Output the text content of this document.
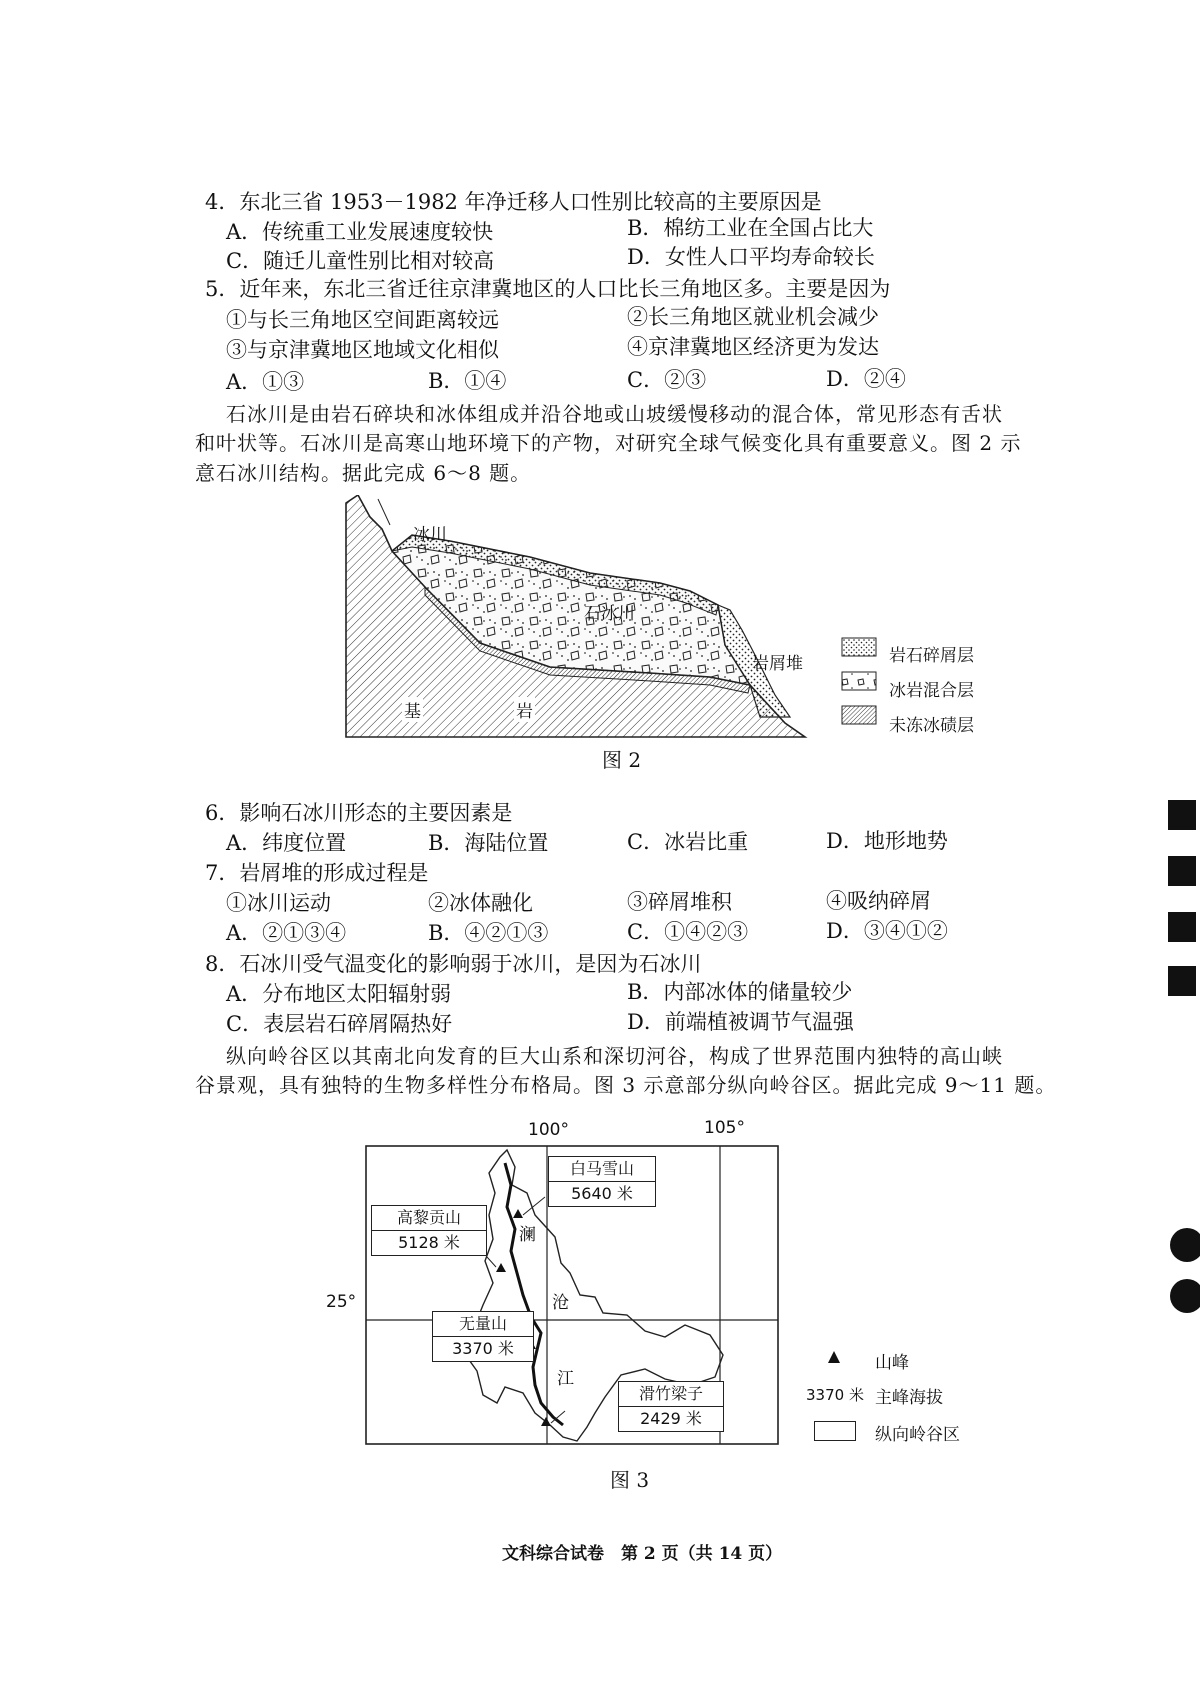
4．东北三省 1953－1982 年净迁移人口性别比较高的主要原因是
A．传统重工业发展速度较快	B．棉纺工业在全国占比大
C．随迁儿童性别比相对较高	D．女性人口平均寿命较长
5．近年来，东北三省迁往京津冀地区的人口比长三角地区多。主要是因为
①与长三角地区空间距离较远	②长三角地区就业机会减少
③与京津冀地区地域文化相似	④京津冀地区经济更为发达
A．①③	B．①④	C．②③	D．②④
石冰川是由岩石碎块和冰体组成并沿谷地或山坡缓慢移动的混合体，常见形态有舌状
和叶状等。石冰川是高寒山地环境下的产物，对研究全球气候变化具有重要意义。图 2 示
意石冰川结构。据此完成 6～8 题。
冰川
石冰川
岩屑堆
基	岩
岩石碎屑层
冰岩混合层
未冻冰碛层
图 2
6．影响石冰川形态的主要因素是
A．纬度位置	B．海陆位置	C．冰岩比重	D．地形地势
7．岩屑堆的形成过程是
①冰川运动	②冰体融化	③碎屑堆积	④吸纳碎屑
A．②①③④	B．④②①③	C．①④②③	D．③④①②
8．石冰川受气温变化的影响弱于冰川，是因为石冰川
A．分布地区太阳辐射弱	B．内部冰体的储量较少
C．表层岩石碎屑隔热好	D．前端植被调节气温强
纵向岭谷区以其南北向发育的巨大山系和深切河谷，构成了世界范围内独特的高山峡
谷景观，具有独特的生物多样性分布格局。图 3 示意部分纵向岭谷区。据此完成 9～11 题。
100°	105°
25°
澜
沧
江
白马雪山
5640 米
高黎贡山
5128 米
无量山
3370 米
滑竹梁子
2429 米
山峰
3370 米 主峰海拔
纵向岭谷区
图 3
文科综合试卷　第 2 页（共 14 页）
